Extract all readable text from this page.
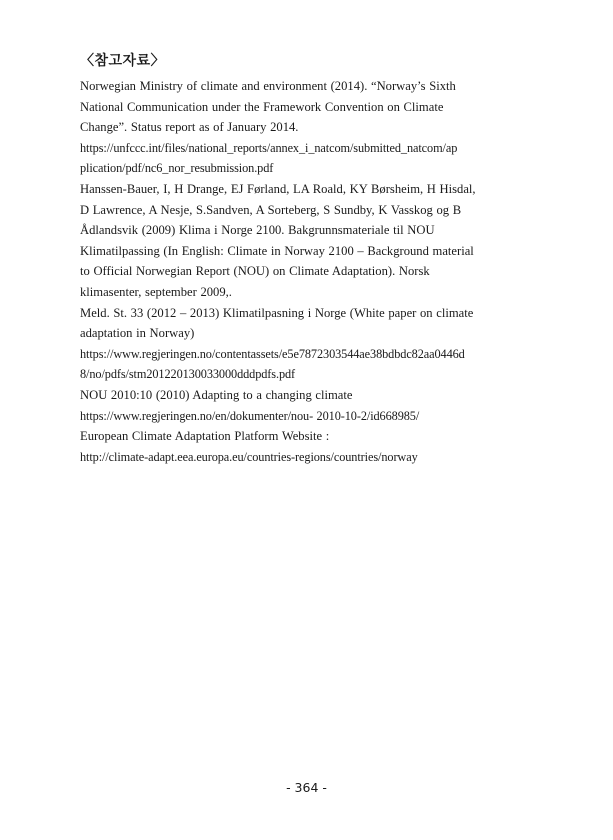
〈참고자료〉
Norwegian Ministry of climate and environment (2014). “Norway’s Sixth
National Communication under the Framework Convention on Climate
Change”. Status report as of January 2014.
https://unfccc.int/files/national_reports/annex_i_natcom/submitted_natcom/ap
plication/pdf/nc6_nor_resubmission.pdf
Hanssen-Bauer, I, H Drange, EJ Førland, LA Roald, KY Børsheim, H Hisdal,
D Lawrence, A Nesje, S.Sandven, A Sorteberg, S Sundby, K Vasskog og B
Ådlandsvik (2009) Klima i Norge 2100. Bakgrunnsmateriale til NOU
Klimatilpassing (In English: Climate in Norway 2100 – Background material
to Official Norwegian Report (NOU) on Climate Adaptation). Norsk
klimasenter, september 2009,.
Meld. St. 33 (2012 – 2013) Klimatilpasning i Norge (White paper on climate
adaptation in Norway)
https://www.regjeringen.no/contentassets/e5e7872303544ae38bdbdc82aa0446d
8/no/pdfs/stm201220130033000dddpdfs.pdf
NOU 2010:10 (2010) Adapting to a changing climate
https://www.regjeringen.no/en/dokumenter/nou- 2010-10-2/id668985/
European Climate Adaptation Platform Website :
http://climate-adapt.eea.europa.eu/countries-regions/countries/norway
- 364 -
